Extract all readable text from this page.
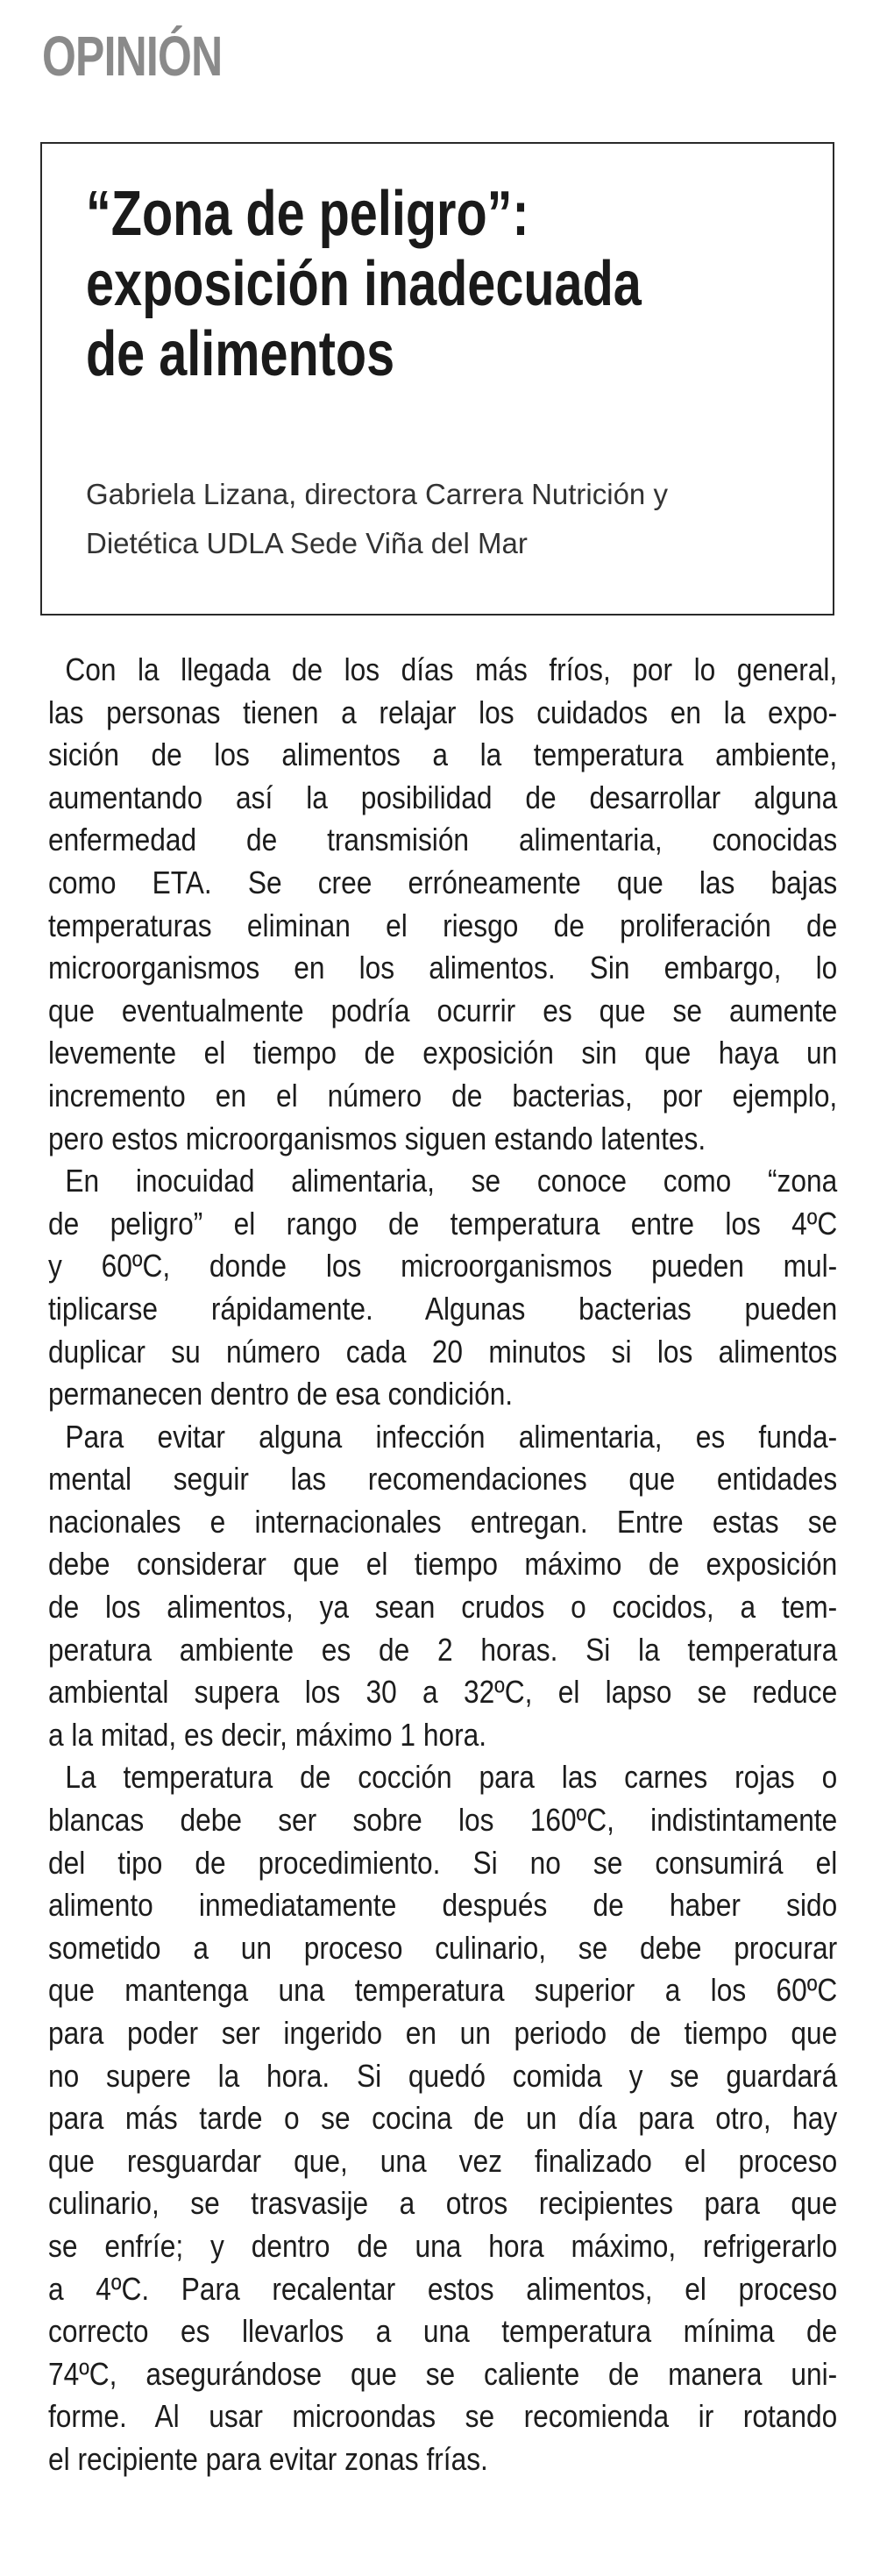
OPINIÓN
“Zona de peligro”:
exposición inadecuada
de alimentos
Gabriela Lizana, directora Carrera Nutrición y
Dietética UDLA Sede Viña del Mar

Con la llegada de los días más fríos, por lo general,
las personas tienen a relajar los cuidados en la expo-
sición de los alimentos a la temperatura ambiente,
aumentando así la posibilidad de desarrollar alguna
enfermedad de transmisión alimentaria, conocidas
como ETA. Se cree erróneamente que las bajas
temperaturas eliminan el riesgo de proliferación de
microorganismos en los alimentos. Sin embargo, lo
que eventualmente podría ocurrir es que se aumente
levemente el tiempo de exposición sin que haya un
incremento en el número de bacterias, por ejemplo,
pero estos microorganismos siguen estando latentes.

En inocuidad alimentaria, se conoce como “zona
de peligro” el rango de temperatura entre los 4ºC
y 60ºC, donde los microorganismos pueden mul-
tiplicarse rápidamente. Algunas bacterias pueden
duplicar su número cada 20 minutos si los alimentos
permanecen dentro de esa condición.

Para evitar alguna infección alimentaria, es funda-
mental seguir las recomendaciones que entidades
nacionales e internacionales entregan. Entre estas se
debe considerar que el tiempo máximo de exposición
de los alimentos, ya sean crudos o cocidos, a tem-
peratura ambiente es de 2 horas. Si la temperatura
ambiental supera los 30 a 32ºC, el lapso se reduce
a la mitad, es decir, máximo 1 hora.

La temperatura de cocción para las carnes rojas o
blancas debe ser sobre los 160ºC, indistintamente
del tipo de procedimiento. Si no se consumirá el
alimento inmediatamente después de haber sido
sometido a un proceso culinario, se debe procurar
que mantenga una temperatura superior a los 60ºC
para poder ser ingerido en un periodo de tiempo que
no supere la hora. Si quedó comida y se guardará
para más tarde o se cocina de un día para otro, hay
que resguardar que, una vez finalizado el proceso
culinario, se trasvasije a otros recipientes para que
se enfríe; y dentro de una hora máximo, refrigerarlo
a 4ºC. Para recalentar estos alimentos, el proceso
correcto es llevarlos a una temperatura mínima de
74ºC, asegurándose que se caliente de manera uni-
forme. Al usar microondas se recomienda ir rotando
el recipiente para evitar zonas frías.
